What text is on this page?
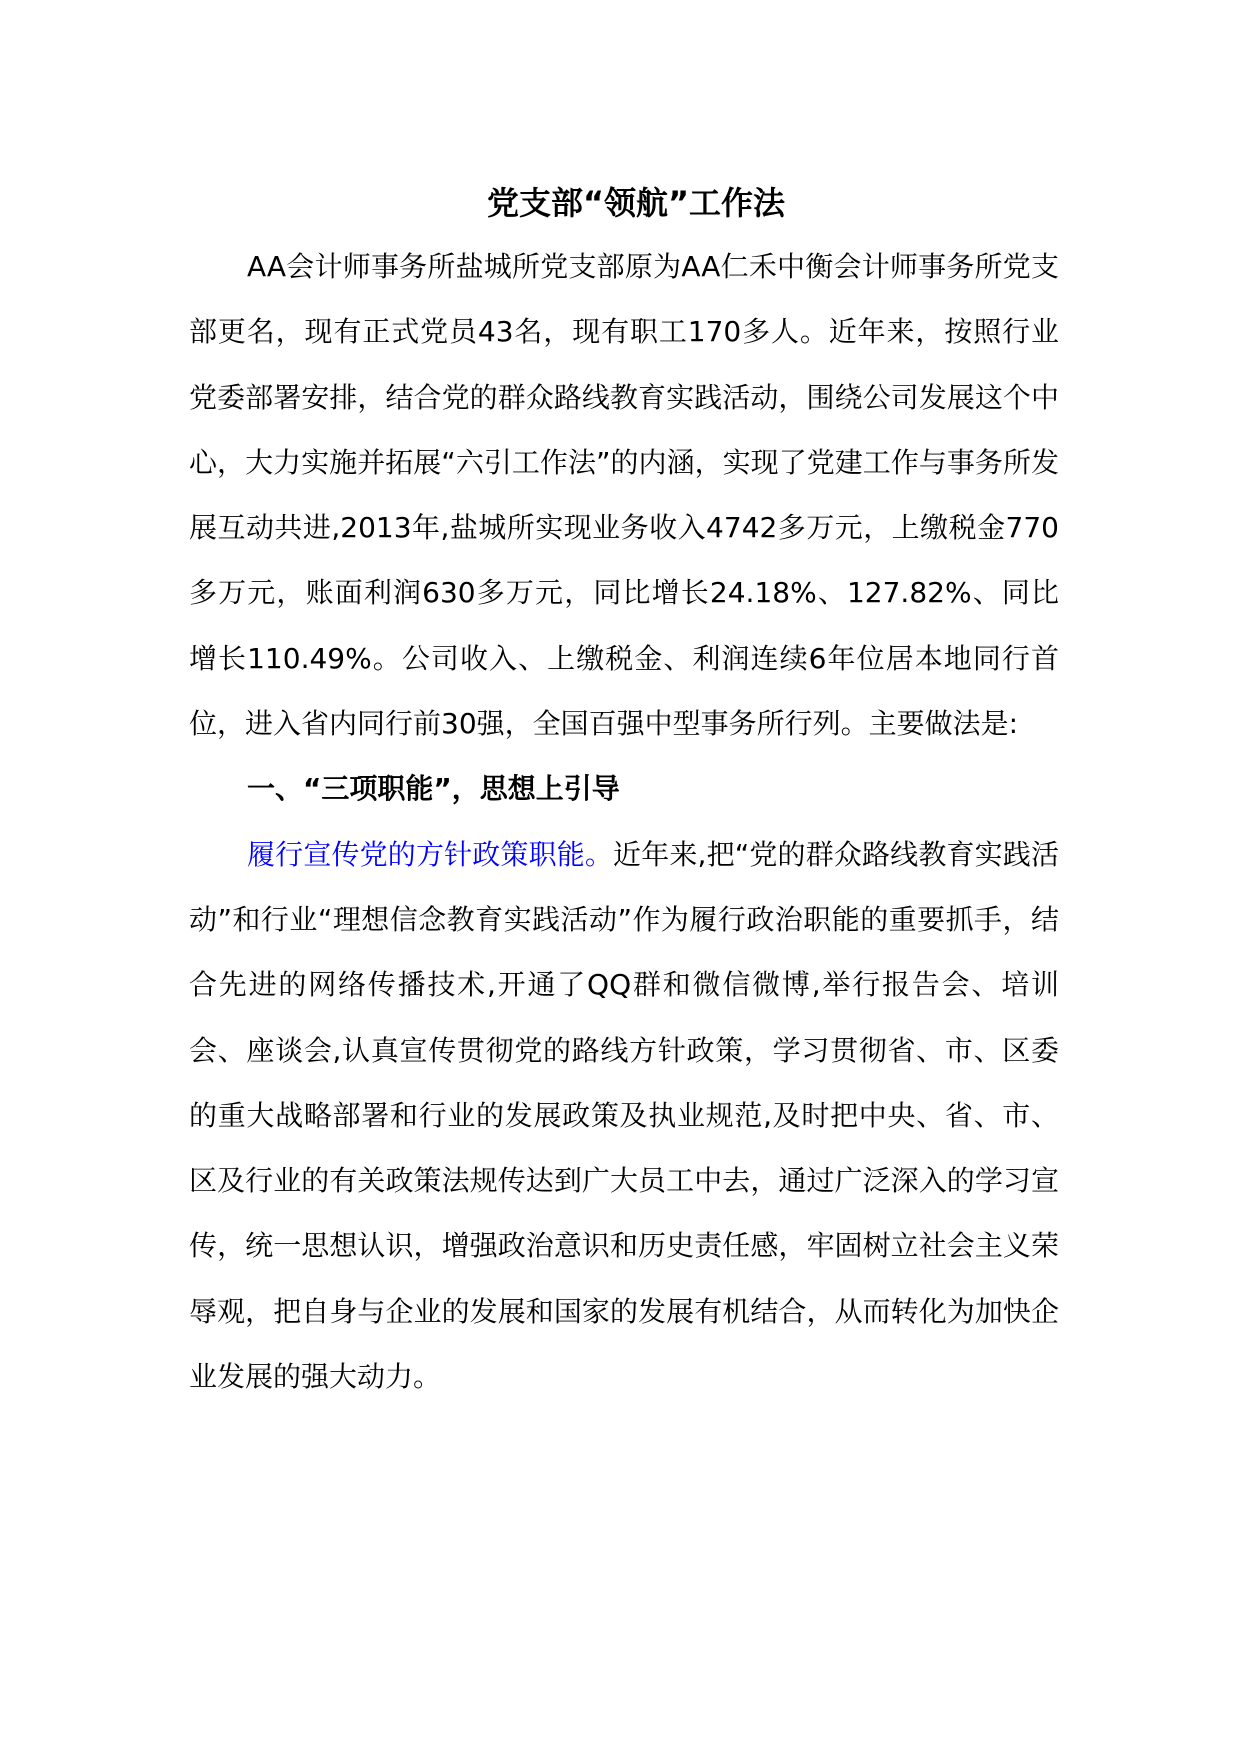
党支部“领航”工作法

AA会计师事务所盐城所党支部原为AA仁禾中衡会计师事务所党支部更名，现有正式党员43名，现有职工170多人。近年来，按照行业党委部署安排，结合党的群众路线教育实践活动，围绕公司发展这个中心，大力实施并拓展“六引工作法”的内涵，实现了党建工作与事务所发展互动共进,2013年,盐城所实现业务收入4742多万元，上缴税金770多万元，账面利润630多万元，同比增长24.18%、127.82%、同比增长110.49%。公司收入、上缴税金、利润连续6年位居本地同行首位，进入省内同行前30强，全国百强中型事务所行列。主要做法是:

一、“三项职能”，思想上引导

履行宣传党的方针政策职能。近年来,把“党的群众路线教育实践活动”和行业“理想信念教育实践活动”作为履行政治职能的重要抓手，结合先进的网络传播技术,开通了QQ群和微信微博,举行报告会、培训会、座谈会,认真宣传贯彻党的路线方针政策，学习贯彻省、市、区委的重大战略部署和行业的发展政策及执业规范,及时把中央、省、市、区及行业的有关政策法规传达到广大员工中去，通过广泛深入的学习宣传，统一思想认识，增强政治意识和历史责任感，牢固树立社会主义荣辱观，把自身与企业的发展和国家的发展有机结合，从而转化为加快企业发展的强大动力。
